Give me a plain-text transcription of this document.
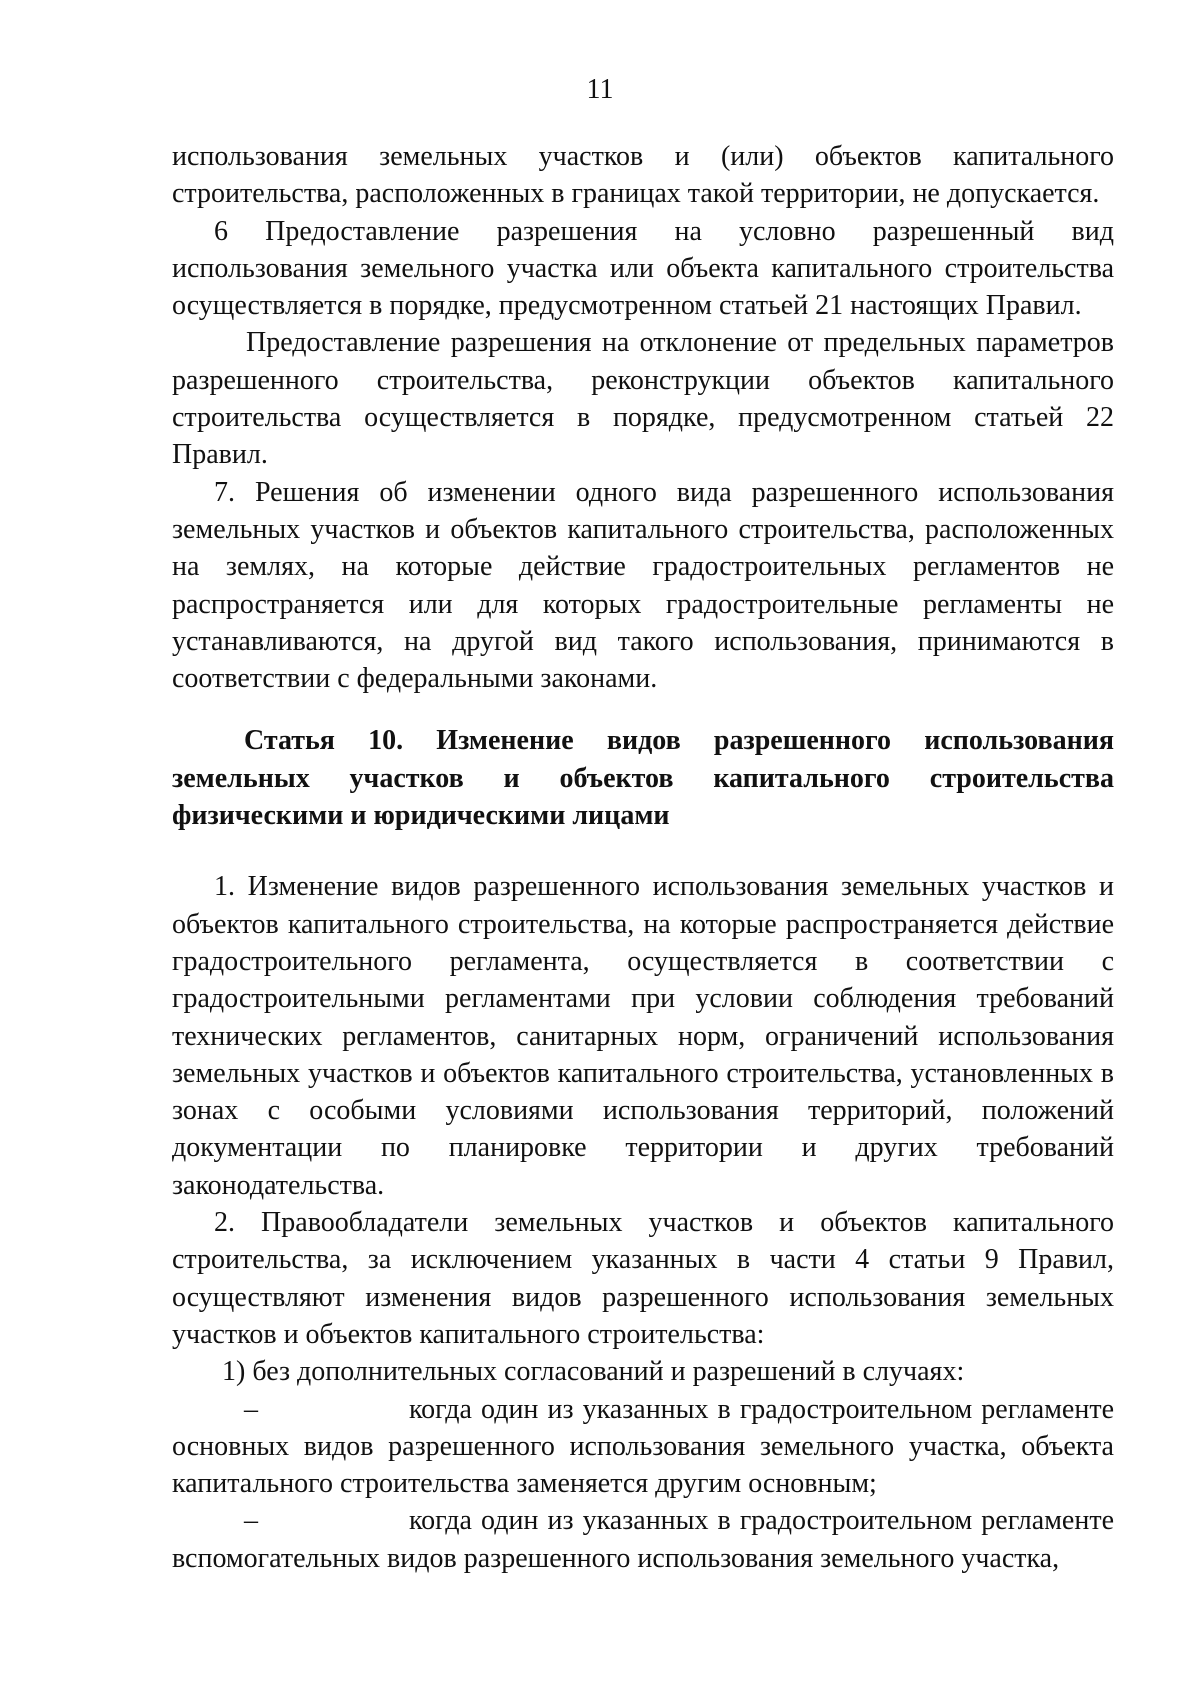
11

использования земельных участков и (или) объектов капитального строительства, расположенных в границах такой территории, не допускается.

6 Предоставление разрешения на условно разрешенный вид использования земельного участка или объекта капитального строительства осуществляется в порядке, предусмотренном статьей 21 настоящих Правил.

Предоставление разрешения на отклонение от предельных параметров разрешенного строительства, реконструкции объектов капитального строительства осуществляется в порядке, предусмотренном статьей 22 Правил.

7. Решения об изменении одного вида разрешенного использования земельных участков и объектов капитального строительства, расположенных на землях, на которые действие градостроительных регламентов не распространяется или для которых градостроительные регламенты не устанавливаются, на другой вид такого использования, принимаются в соответствии с федеральными законами.

Статья 10. Изменение видов разрешенного использования земельных участков и объектов капитального строительства физическими и юридическими лицами

1. Изменение видов разрешенного использования земельных участков и объектов капитального строительства, на которые распространяется действие градостроительного регламента, осуществляется в соответствии с градостроительными регламентами при условии соблюдения требований технических регламентов, санитарных норм, ограничений использования земельных участков и объектов капитального строительства, установленных в зонах с особыми условиями использования территорий, положений документации по планировке территории и других требований законодательства.

2. Правообладатели земельных участков и объектов капитального строительства, за исключением указанных в части 4 статьи 9 Правил, осуществляют изменения видов разрешенного использования земельных участков и объектов капитального строительства:

1) без дополнительных согласований и разрешений в случаях:

–	когда один из указанных в градостроительном регламенте основных видов разрешенного использования земельного участка, объекта капитального строительства заменяется другим основным;

–	когда один из указанных в градостроительном регламенте вспомогательных видов разрешенного использования земельного участка,
